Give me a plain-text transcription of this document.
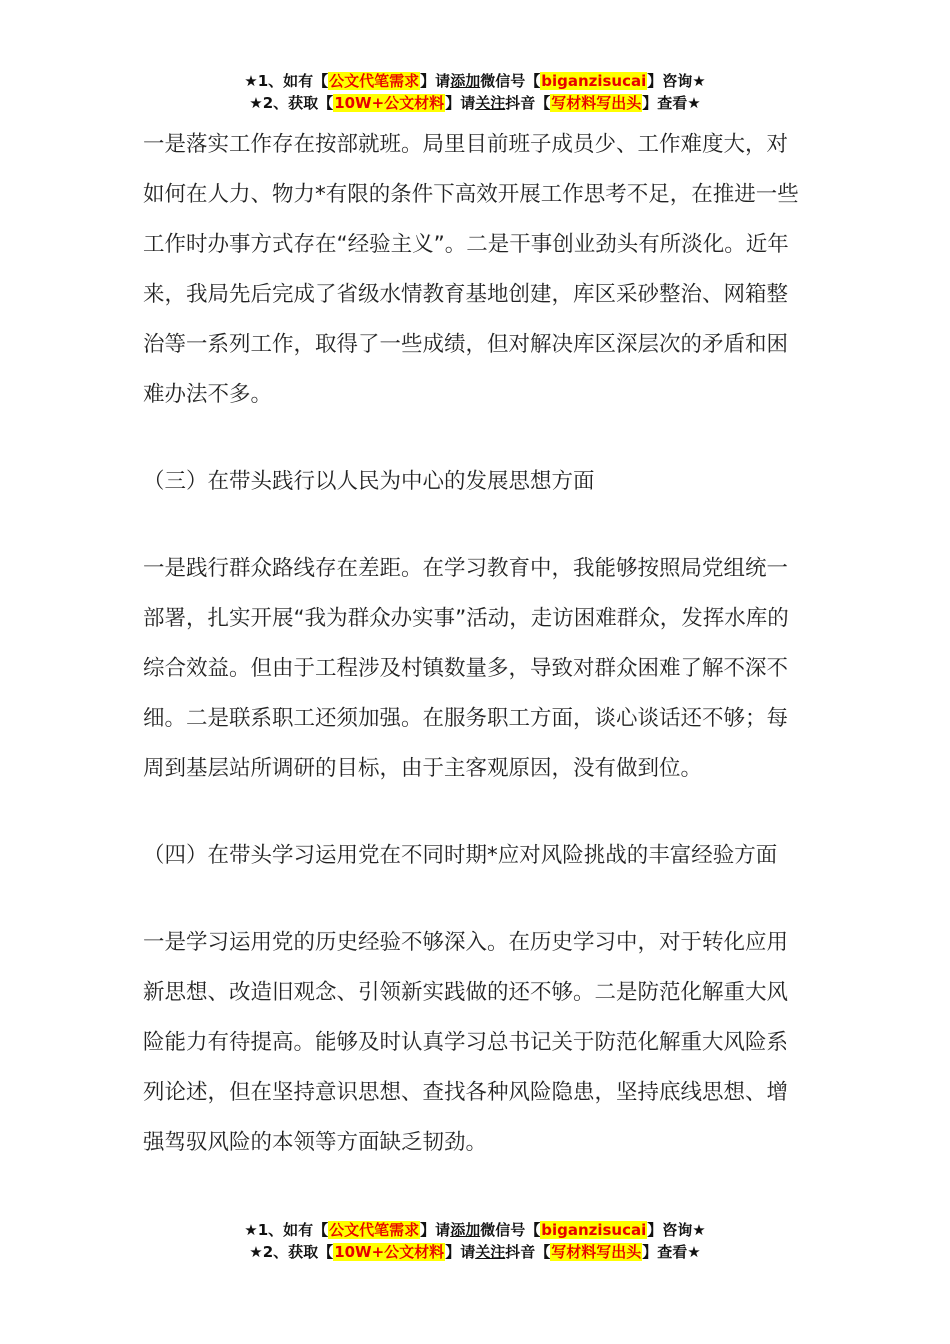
★1、如有【公文代笔需求】请添加微信号【biganzisucai】咨询★
★2、获取【10W+公文材料】请关注抖音【写材料写出头】查看★

一是落实工作存在按部就班。局里目前班子成员少、工作难度大，对如何在人力、物力*有限的条件下高效开展工作思考不足，在推进一些工作时办事方式存在“经验主义”。二是干事创业劲头有所淡化。近年来，我局先后完成了省级水情教育基地创建，库区采砂整治、网箱整治等一系列工作，取得了一些成绩，但对解决库区深层次的矛盾和困难办法不多。

（三）在带头践行以人民为中心的发展思想方面

一是践行群众路线存在差距。在学习教育中，我能够按照局党组统一部署，扎实开展“我为群众办实事”活动，走访困难群众，发挥水库的综合效益。但由于工程涉及村镇数量多，导致对群众困难了解不深不细。二是联系职工还须加强。在服务职工方面，谈心谈话还不够；每周到基层站所调研的目标，由于主客观原因，没有做到位。

（四）在带头学习运用党在不同时期*应对风险挑战的丰富经验方面

一是学习运用党的历史经验不够深入。在历史学习中，对于转化应用新思想、改造旧观念、引领新实践做的还不够。二是防范化解重大风险能力有待提高。能够及时认真学习总书记关于防范化解重大风险系列论述，但在坚持意识思想、查找各种风险隐患，坚持底线思想、增强驾驭风险的本领等方面缺乏韧劲。

★1、如有【公文代笔需求】请添加微信号【biganzisucai】咨询★
★2、获取【10W+公文材料】请关注抖音【写材料写出头】查看★
